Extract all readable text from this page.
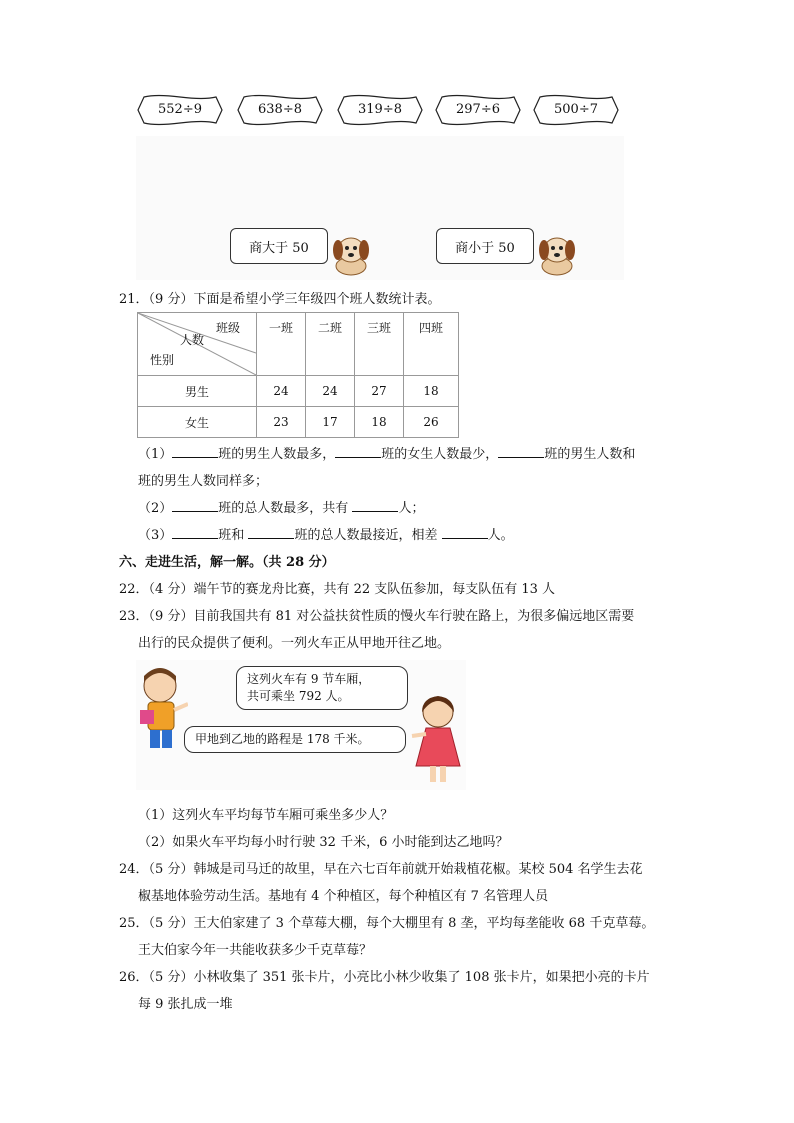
552÷9	638÷8	319÷8	297÷6	500÷7
商大于 50	商小于 50
21．（9 分）下面是希望小学三年级四个班人数统计表。
班级
人数
性别	一班	二班	三班	四班
男生	24	24	27	18
女生	23	17	18	26
（1）	班的男生人数最多，	班的女生人数最少，	班的男生人数和
班的男生人数同样多；
（2）	班的总人数最多，共有	人；
（3）	班和	班的总人数最接近，相差	人。
六、走进生活，解一解。（共 28 分）
22．（4 分）端午节的赛龙舟比赛，共有 22 支队伍参加，每支队伍有 13 人
23．（9 分）目前我国共有 81 对公益扶贫性质的慢火车行驶在路上，为很多偏远地区需要
出行的民众提供了便利。一列火车正从甲地开往乙地。
这列火车有 9 节车厢，
共可乘坐 792 人。
甲地到乙地的路程是 178 千米。
（1）这列火车平均每节车厢可乘坐多少人？
（2）如果火车平均每小时行驶 32 千米，6 小时能到达乙地吗？
24．（5 分）韩城是司马迁的故里，早在六七百年前就开始栽植花椒。某校 504 名学生去花
椒基地体验劳动生活。基地有 4 个种植区，每个种植区有 7 名管理人员
25．（5 分）王大伯家建了 3 个草莓大棚，每个大棚里有 8 垄，平均每垄能收 68 千克草莓。
王大伯家今年一共能收获多少千克草莓？
26．（5 分）小林收集了 351 张卡片，小亮比小林少收集了 108 张卡片，如果把小亮的卡片
每 9 张扎成一堆
